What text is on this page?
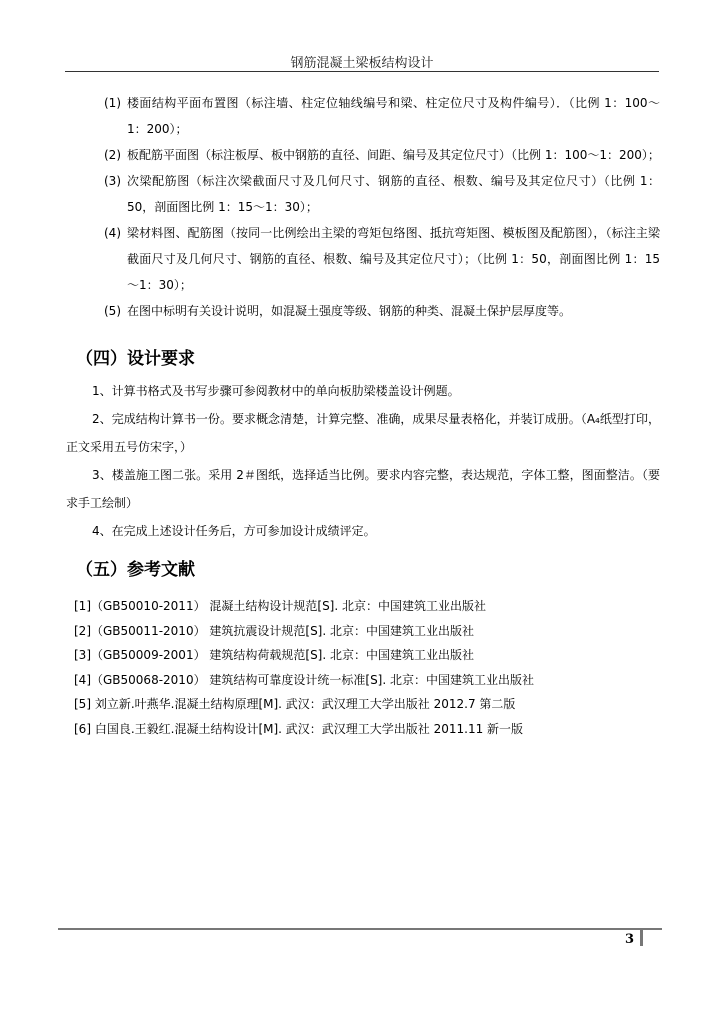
钢筋混凝土梁板结构设计
(1) 楼面结构平面布置图（标注墙、柱定位轴线编号和梁、柱定位尺寸及构件编号）．（比例 1：100～1：200）；
(2) 板配筋平面图（标注板厚、板中钢筋的直径、间距、编号及其定位尺寸）（比例 1：100～1：200）；
(3) 次梁配筋图（标注次梁截面尺寸及几何尺寸、钢筋的直径、根数、编号及其定位尺寸）（比例 1：50，剖面图比例 1：15～1：30）；
(4) 梁材料图、配筋图（按同一比例绘出主梁的弯矩包络图、抵抗弯矩图、模板图及配筋图），（标注主梁截面尺寸及几何尺寸、钢筋的直径、根数、编号及其定位尺寸）；（比例 1：50，剖面图比例 1：15～1：30）；
(5) 在图中标明有关设计说明，如混凝土强度等级、钢筋的种类、混凝土保护层厚度等。
（四）设计要求
1、计算书格式及书写步骤可参阅教材中的单向板肋梁楼盖设计例题。
2、完成结构计算书一份。要求概念清楚，计算完整、准确，成果尽量表格化，并装订成册。（A₄纸型打印，正文采用五号仿宋字，）
3、楼盖施工图二张。采用 2＃图纸，选择适当比例。要求内容完整，表达规范，字体工整，图面整洁。（要求手工绘制）
4、在完成上述设计任务后，方可参加设计成绩评定。
（五）参考文献
[1]（GB50010-2011） 混凝土结构设计规范[S]. 北京：中国建筑工业出版社
[2]（GB50011-2010） 建筑抗震设计规范[S]. 北京：中国建筑工业出版社
[3]（GB50009-2001） 建筑结构荷载规范[S]. 北京：中国建筑工业出版社
[4]（GB50068-2010） 建筑结构可靠度设计统一标准[S]. 北京：中国建筑工业出版社
[5] 刘立新.叶燕华.混凝土结构原理[M]. 武汉：武汉理工大学出版社 2012.7 第二版
[6] 白国良.王毅红.混凝土结构设计[M]. 武汉：武汉理工大学出版社 2011.11 新一版
3
